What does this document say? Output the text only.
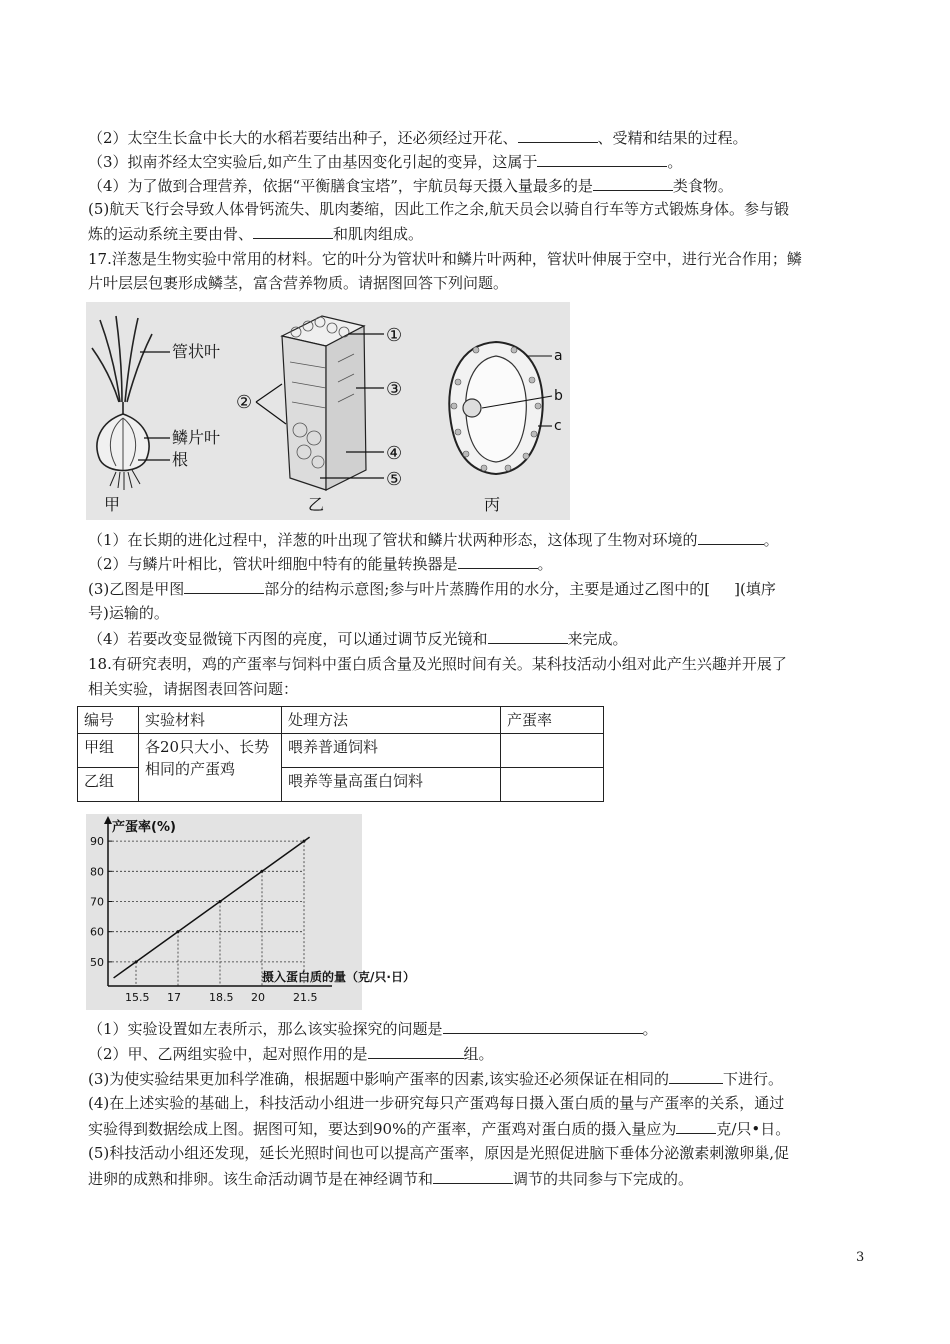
（2）太空生长盒中长大的水稻若要结出种子，还必须经过开花、	、受精和结果的过程。
（3）拟南芥经太空实验后,如产生了由基因变化引起的变异，这属于	。
（4）为了做到合理营养，依据“平衡膳食宝塔”，宇航员每天摄入量最多的是	类食物。
(5)航天飞行会导致人体骨钙流失、肌肉萎缩，因此工作之余,航天员会以骑自行车等方式锻炼身体。参与锻
炼的运动系统主要由骨、	和肌肉组成。
17.洋葱是生物实验中常用的材料。它的叶分为管状叶和鳞片叶两种，管状叶伸展于空中，进行光合作用；鳞
片叶层层包裹形成鳞茎，富含营养物质。请据图回答下列问题。
管状叶
鳞片叶
根
甲
①
③
④
⑤
②
乙
a
b
c
丙
（1）在长期的进化过程中，洋葱的叶出现了管状和鳞片状两种形态，这体现了生物对环境的	。
（2）与鳞片叶相比，管状叶细胞中特有的能量转换器是	。
(3)乙图是甲图	部分的结构示意图;参与叶片蒸腾作用的水分，主要是通过乙图中的[ ](填序
号)运输的。
（4）若要改变显微镜下丙图的亮度，可以通过调节反光镜和	来完成。
18.有研究表明，鸡的产蛋率与饲料中蛋白质含量及光照时间有关。某科技活动小组对此产生兴趣并开展了
相关实验，请据图表回答问题：
编号	实验材料	处理方法	产蛋率
甲组	各20只大小、长势相同的产蛋鸡	喂养普通饲料	
乙组		喂养等量高蛋白饲料	
产蛋率(%)
摄入蛋白质的量（克/只·日）
50
60
70
80
90
15.5 17	18.5 20	21.5
（1）实验设置如左表所示，那么该实验探究的问题是	。
（2）甲、乙两组实验中，起对照作用的是	组。
(3)为使实验结果更加科学准确，根据题中影响产蛋率的因素,该实验还必须保证在相同的	下进行。
(4)在上述实验的基础上，科技活动小组进一步研究每只产蛋鸡每日摄入蛋白质的量与产蛋率的关系，通过
实验得到数据绘成上图。据图可知，要达到90%的产蛋率，产蛋鸡对蛋白质的摄入量应为	克/只•日。
(5)科技活动小组还发现，延长光照时间也可以提高产蛋率，原因是光照促进脑下垂体分泌激素刺激卵巢,促
进卵的成熟和排卵。该生命活动调节是在神经调节和	调节的共同参与下完成的。
3
